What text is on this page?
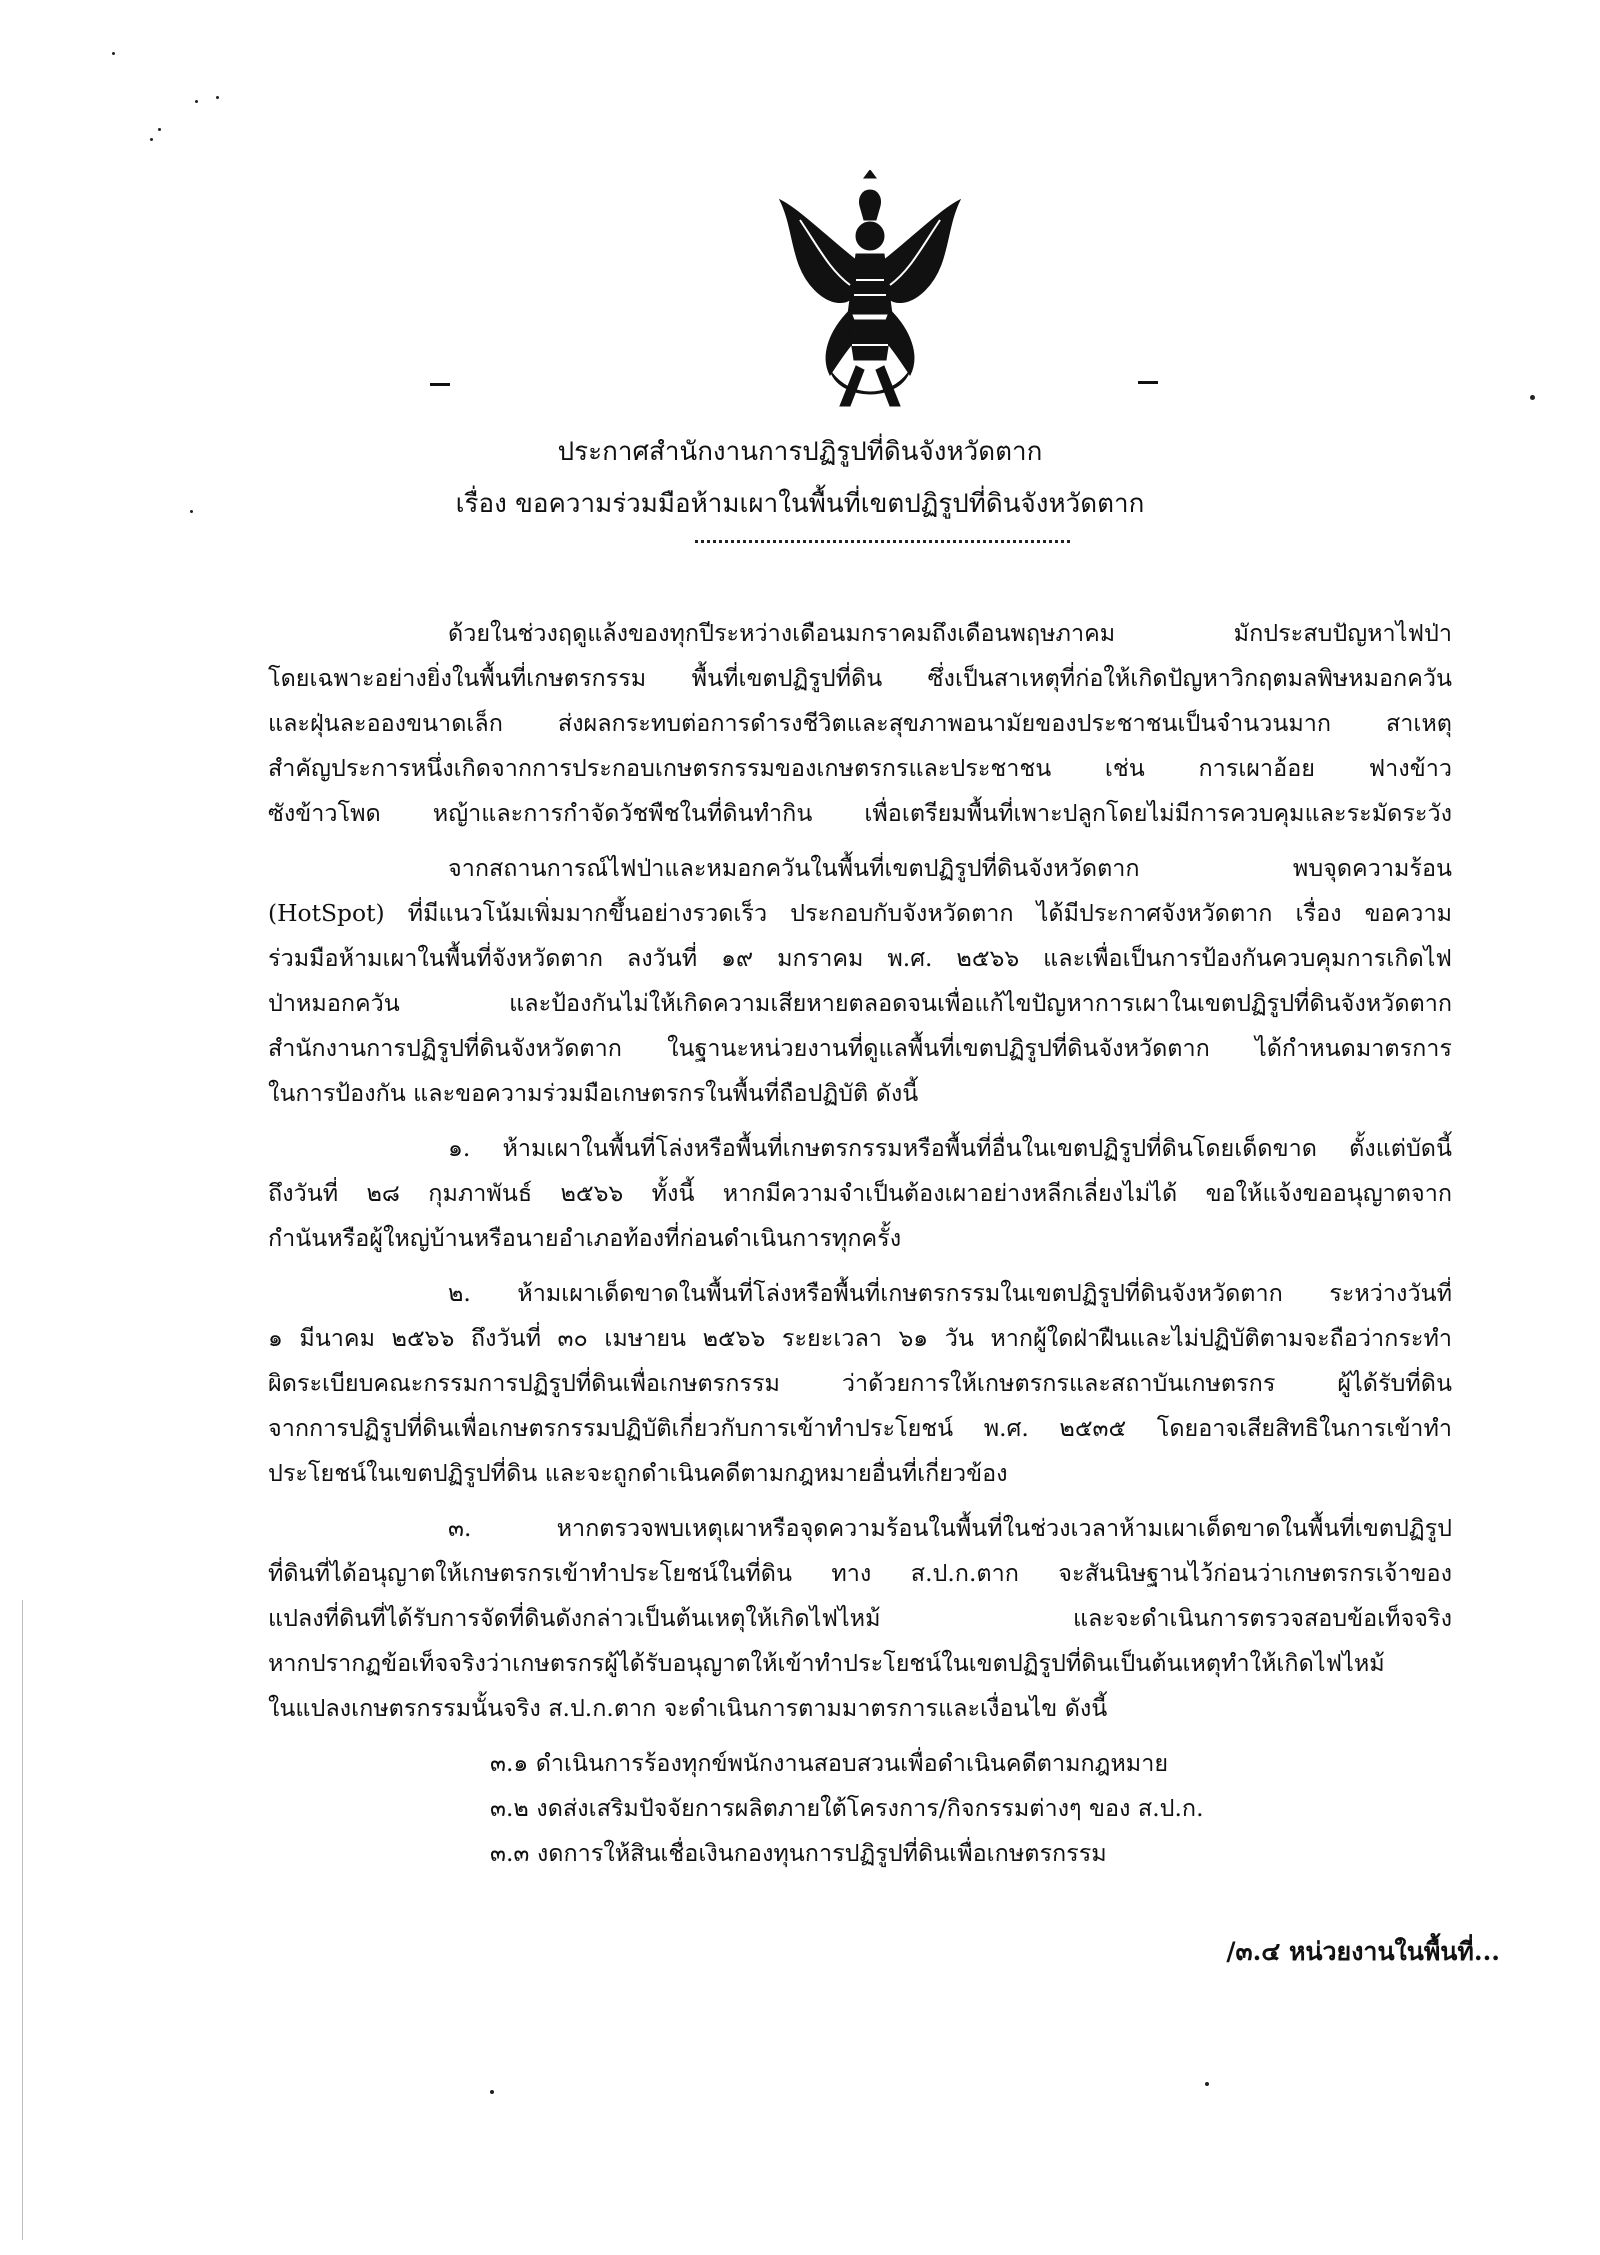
ประกาศสำนักงานการปฏิรูปที่ดินจังหวัดตาก
เรื่อง ขอความร่วมมือห้ามเผาในพื้นที่เขตปฏิรูปที่ดินจังหวัดตาก
ด้วยในช่วงฤดูแล้งของทุกปีระหว่างเดือนมกราคมถึงเดือนพฤษภาคม มักประสบปัญหาไฟป่า
โดยเฉพาะอย่างยิ่งในพื้นที่เกษตรกรรม พื้นที่เขตปฏิรูปที่ดิน ซึ่งเป็นสาเหตุที่ก่อให้เกิดปัญหาวิกฤตมลพิษหมอกควัน
และฝุ่นละอองขนาดเล็ก ส่งผลกระทบต่อการดำรงชีวิตและสุขภาพอนามัยของประชาชนเป็นจำนวนมาก สาเหตุ
สำคัญประการหนึ่งเกิดจากการประกอบเกษตรกรรมของเกษตรกรและประชาชน เช่น การเผาอ้อย ฟางข้าว
ซังข้าวโพด หญ้าและการกำจัดวัชพืชในที่ดินทำกิน เพื่อเตรียมพื้นที่เพาะปลูกโดยไม่มีการควบคุมและระมัดระวัง
จากสถานการณ์ไฟป่าและหมอกควันในพื้นที่เขตปฏิรูปที่ดินจังหวัดตาก พบจุดความร้อน
(HotSpot) ที่มีแนวโน้มเพิ่มมากขึ้นอย่างรวดเร็ว ประกอบกับจังหวัดตาก ได้มีประกาศจังหวัดตาก เรื่อง ขอความ
ร่วมมือห้ามเผาในพื้นที่จังหวัดตาก ลงวันที่ ๑๙ มกราคม พ.ศ. ๒๕๖๖ และเพื่อเป็นการป้องกันควบคุมการเกิดไฟ
ป่าหมอกควัน และป้องกันไม่ให้เกิดความเสียหายตลอดจนเพื่อแก้ไขปัญหาการเผาในเขตปฏิรูปที่ดินจังหวัดตาก
สำนักงานการปฏิรูปที่ดินจังหวัดตาก ในฐานะหน่วยงานที่ดูแลพื้นที่เขตปฏิรูปที่ดินจังหวัดตาก ได้กำหนดมาตรการ
ในการป้องกัน และขอความร่วมมือเกษตรกรในพื้นที่ถือปฏิบัติ ดังนี้
๑. ห้ามเผาในพื้นที่โล่งหรือพื้นที่เกษตรกรรมหรือพื้นที่อื่นในเขตปฏิรูปที่ดินโดยเด็ดขาด ตั้งแต่บัดนี้
ถึงวันที่ ๒๘ กุมภาพันธ์ ๒๕๖๖ ทั้งนี้ หากมีความจำเป็นต้องเผาอย่างหลีกเลี่ยงไม่ได้ ขอให้แจ้งขออนุญาตจาก
กำนันหรือผู้ใหญ่บ้านหรือนายอำเภอท้องที่ก่อนดำเนินการทุกครั้ง
๒. ห้ามเผาเด็ดขาดในพื้นที่โล่งหรือพื้นที่เกษตรกรรมในเขตปฏิรูปที่ดินจังหวัดตาก ระหว่างวันที่
๑ มีนาคม ๒๕๖๖ ถึงวันที่ ๓๐ เมษายน ๒๕๖๖ ระยะเวลา ๖๑ วัน หากผู้ใดฝ่าฝืนและไม่ปฏิบัติตามจะถือว่ากระทำ
ผิดระเบียบคณะกรรมการปฏิรูปที่ดินเพื่อเกษตรกรรม ว่าด้วยการให้เกษตรกรและสถาบันเกษตรกร ผู้ได้รับที่ดิน
จากการปฏิรูปที่ดินเพื่อเกษตรกรรมปฏิบัติเกี่ยวกับการเข้าทำประโยชน์ พ.ศ. ๒๕๓๕ โดยอาจเสียสิทธิในการเข้าทำ
ประโยชน์ในเขตปฏิรูปที่ดิน และจะถูกดำเนินคดีตามกฎหมายอื่นที่เกี่ยวข้อง
๓. หากตรวจพบเหตุเผาหรือจุดความร้อนในพื้นที่ในช่วงเวลาห้ามเผาเด็ดขาดในพื้นที่เขตปฏิรูป
ที่ดินที่ได้อนุญาตให้เกษตรกรเข้าทำประโยชน์ในที่ดิน ทาง ส.ป.ก.ตาก จะสันนิษฐานไว้ก่อนว่าเกษตรกรเจ้าของ
แปลงที่ดินที่ได้รับการจัดที่ดินดังกล่าวเป็นต้นเหตุให้เกิดไฟไหม้ และจะดำเนินการตรวจสอบข้อเท็จจริง
หากปรากฏข้อเท็จจริงว่าเกษตรกรผู้ได้รับอนุญาตให้เข้าทำประโยชน์ในเขตปฏิรูปที่ดินเป็นต้นเหตุทำให้เกิดไฟไหม้
ในแปลงเกษตรกรรมนั้นจริง ส.ป.ก.ตาก จะดำเนินการตามมาตรการและเงื่อนไข ดังนี้
๓.๑ ดำเนินการร้องทุกข์พนักงานสอบสวนเพื่อดำเนินคดีตามกฎหมาย
๓.๒ งดส่งเสริมปัจจัยการผลิตภายใต้โครงการ/กิจกรรมต่างๆ ของ ส.ป.ก.
๓.๓ งดการให้สินเชื่อเงินกองทุนการปฏิรูปที่ดินเพื่อเกษตรกรรม
/๓.๔ หน่วยงานในพื้นที่...
